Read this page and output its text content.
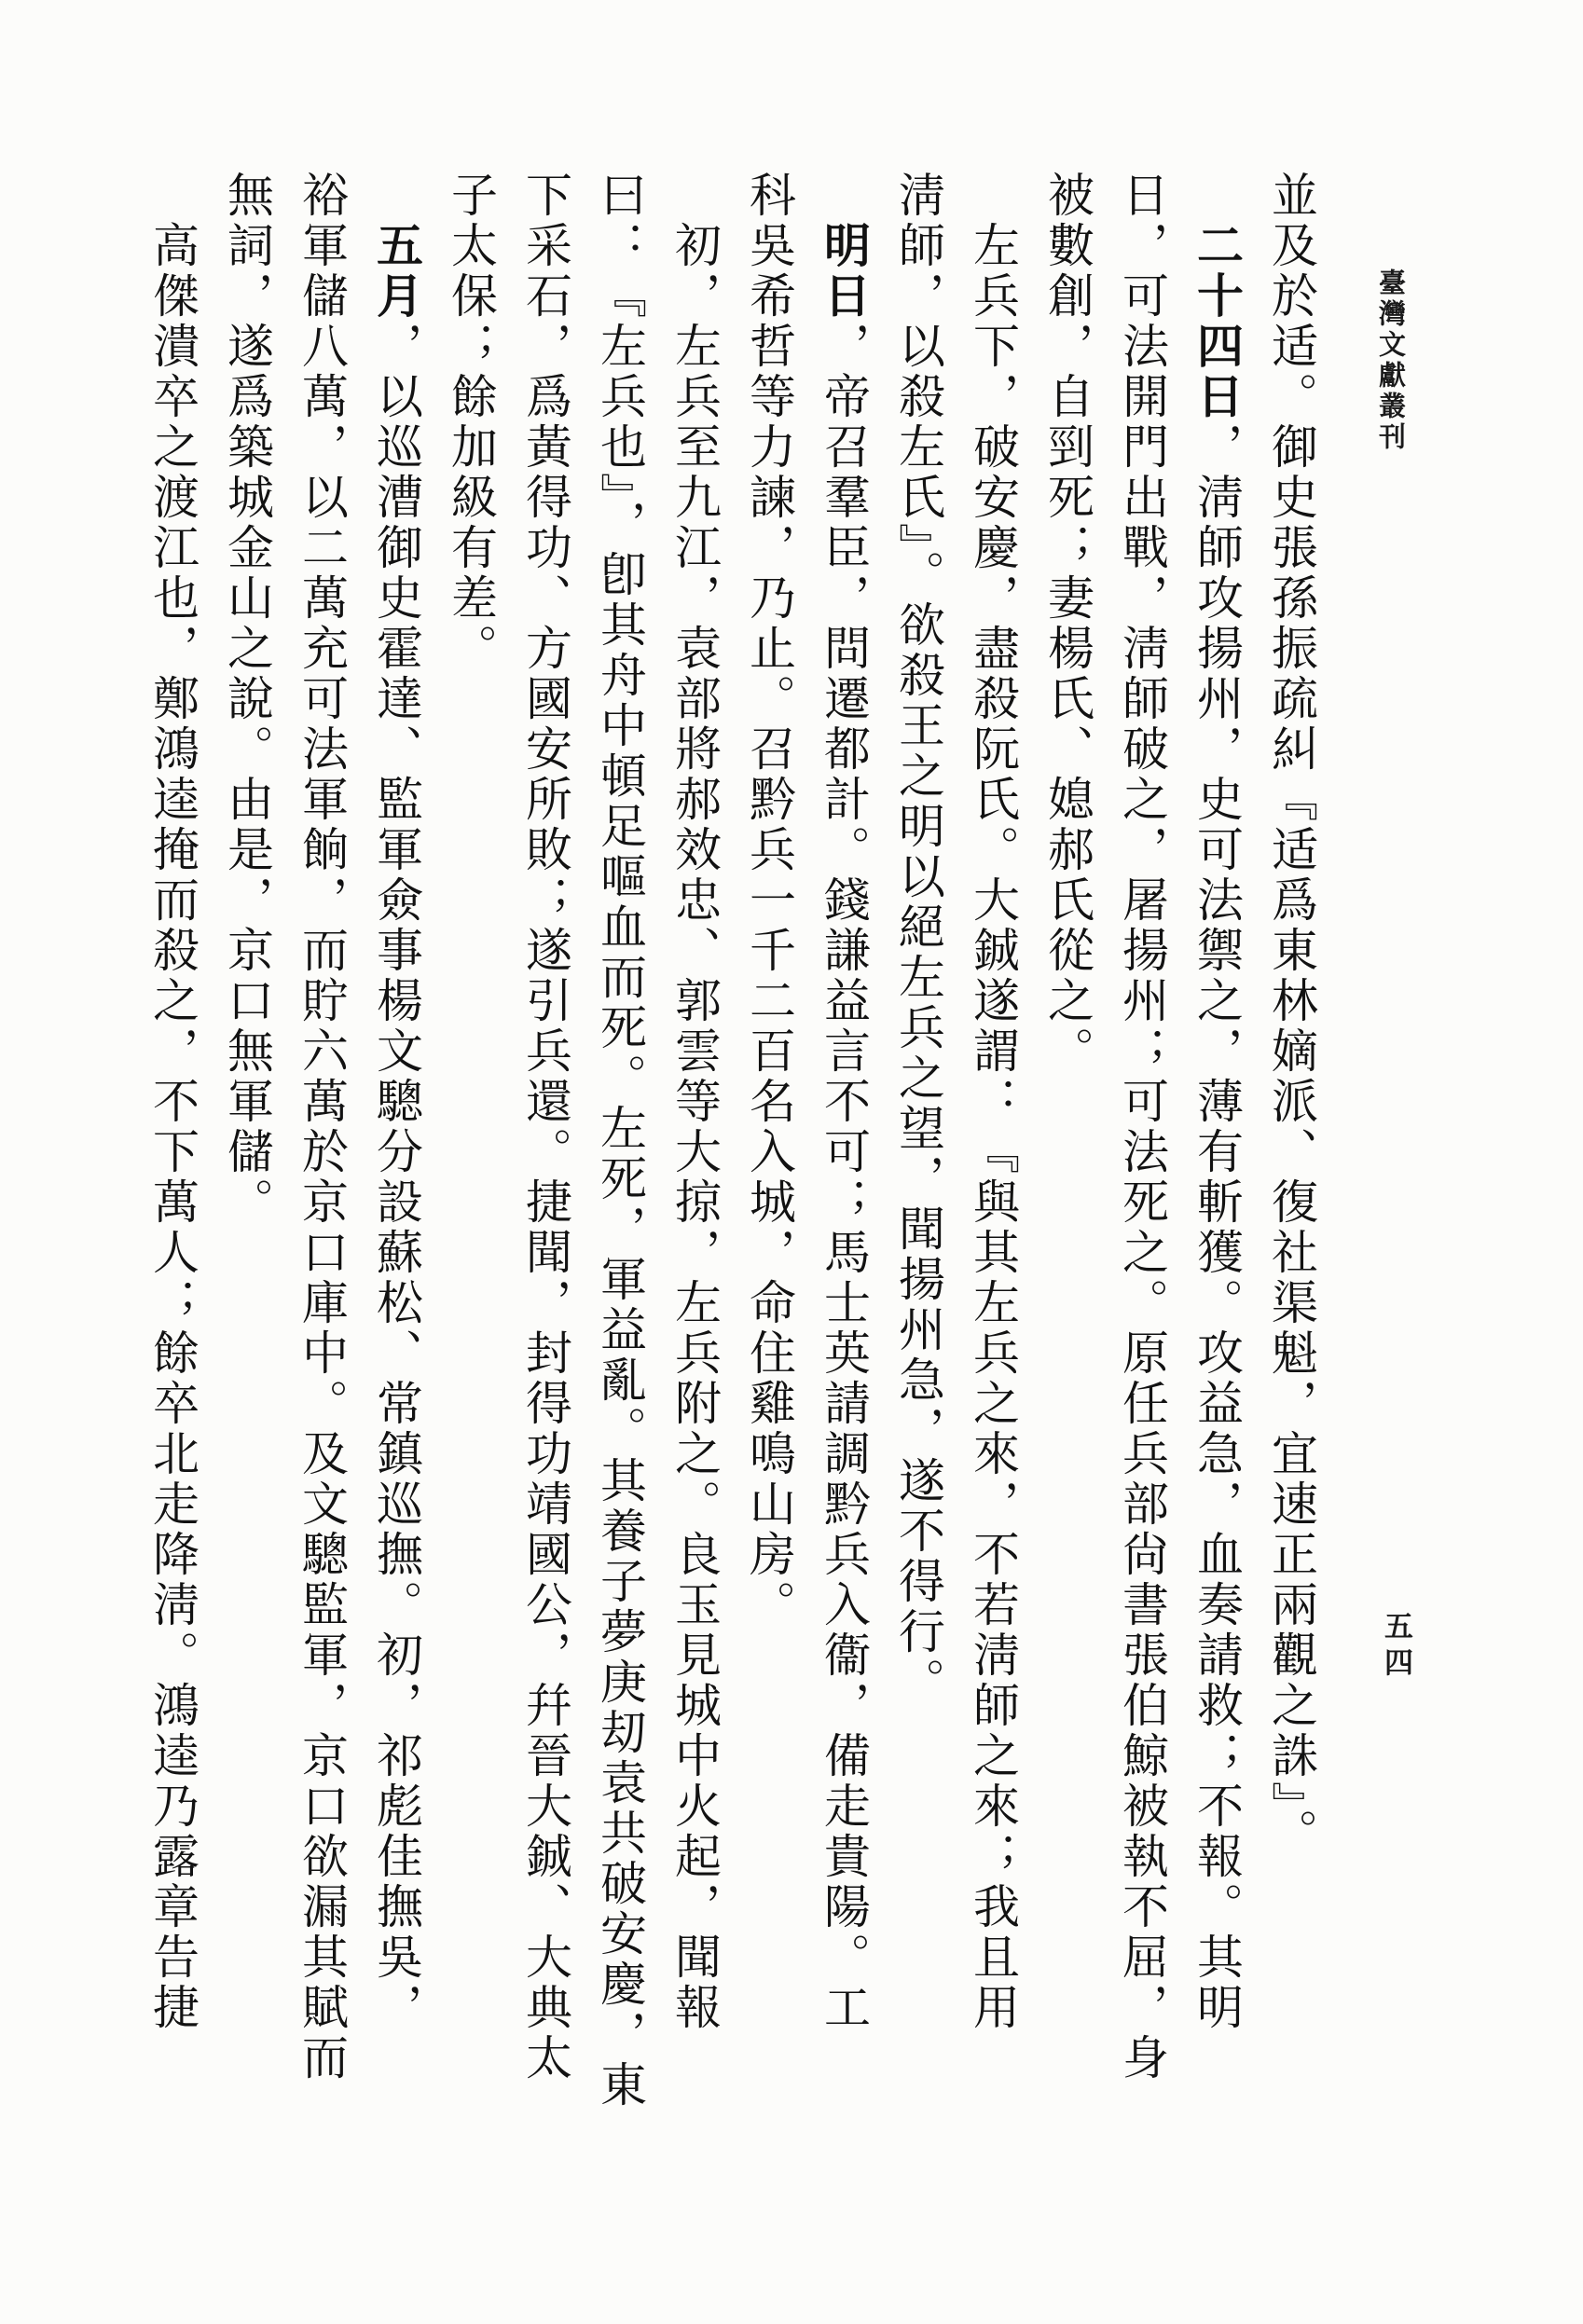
臺灣文獻叢刊
五四
並及於适。御史張孫振疏糾『适爲東林嫡派、復社渠魁，宜速正兩觀之誅』。
二十四日，淸師攻揚州，史可法禦之，薄有斬獲。攻益急，血奏請救；不報。其明
日，可法開門出戰，淸師破之，屠揚州；可法死之。原任兵部尙書張伯鯨被執不屈，身
被數創，自剄死；妻楊氏、媳郝氏從之。
左兵下，破安慶，盡殺阮氏。大鋮遂謂：『與其左兵之來，不若淸師之來；我且用
淸師，以殺左氏』。欲殺王之明以絕左兵之望，聞揚州急，遂不得行。
明日，帝召羣臣，問遷都計。錢謙益言不可；馬士英請調黔兵入衞，備走貴陽。工
科吳希哲等力諫，乃止。召黔兵一千二百名入城，命住雞鳴山房。
初，左兵至九江，袁部將郝效忠、郭雲等大掠，左兵附之。良玉見城中火起，聞報
曰：『左兵也』，卽其舟中頓足嘔血而死。左死，軍益亂。其養子夢庚刧袁共破安慶，東
下采石，爲黃得功、方國安所敗；遂引兵還。捷聞，封得功靖國公，幷晉大鋮、大典太
子太保；餘加級有差。
五月，以巡漕御史霍達、監軍僉事楊文驄分設蘇松、常鎮巡撫。初，祁彪佳撫吳，
裕軍儲八萬，以二萬充可法軍餉，而貯六萬於京口庫中。及文驄監軍，京口欲漏其賦而
無詞，遂爲築城金山之說。由是，京口無軍儲。
高傑潰卒之渡江也，鄭鴻逵掩而殺之，不下萬人；餘卒北走降淸。鴻逵乃露章告捷
